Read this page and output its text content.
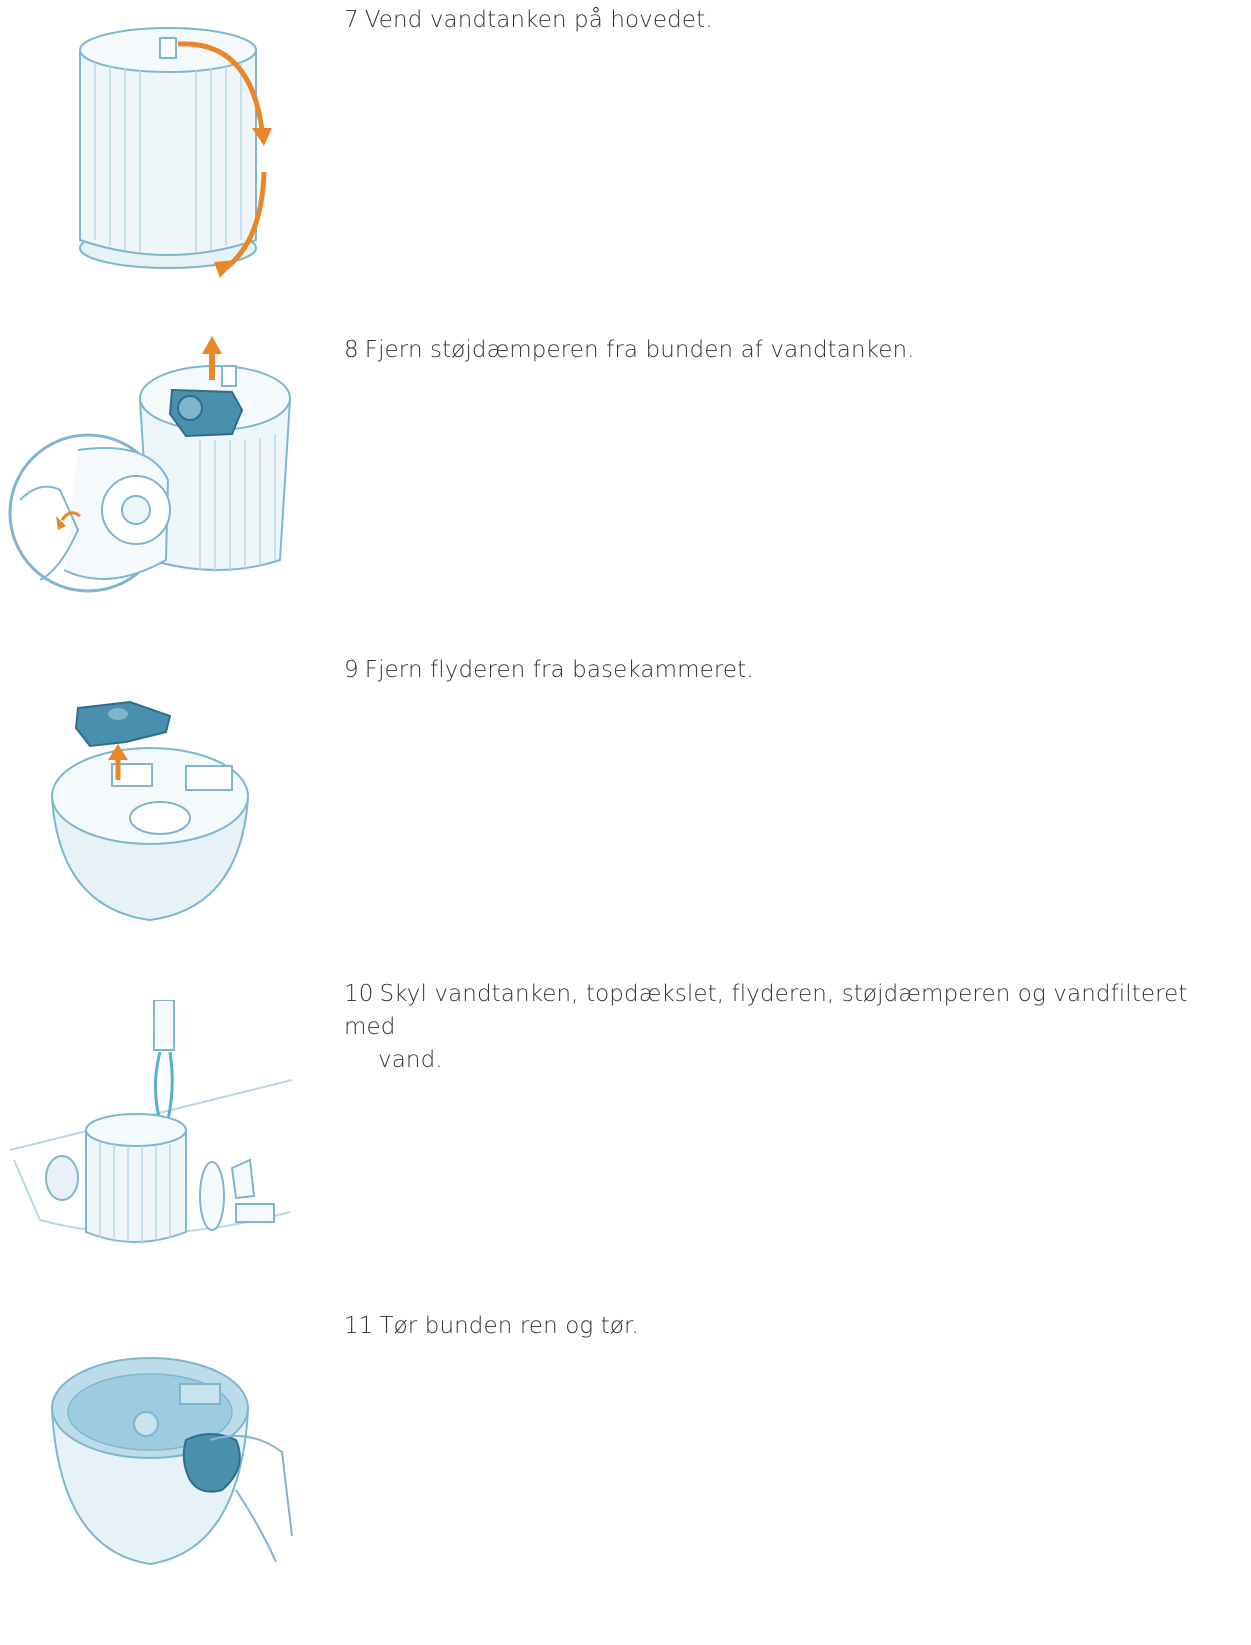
7 Vend vandtanken på hovedet.
8 Fjern støjdæmperen fra bunden af vandtanken.
9 Fjern flyderen fra basekammeret.
10 Skyl vandtanken, topdækslet, flyderen, støjdæmperen og vandfilteret med
vand.
11 Tør bunden ren og tør.
